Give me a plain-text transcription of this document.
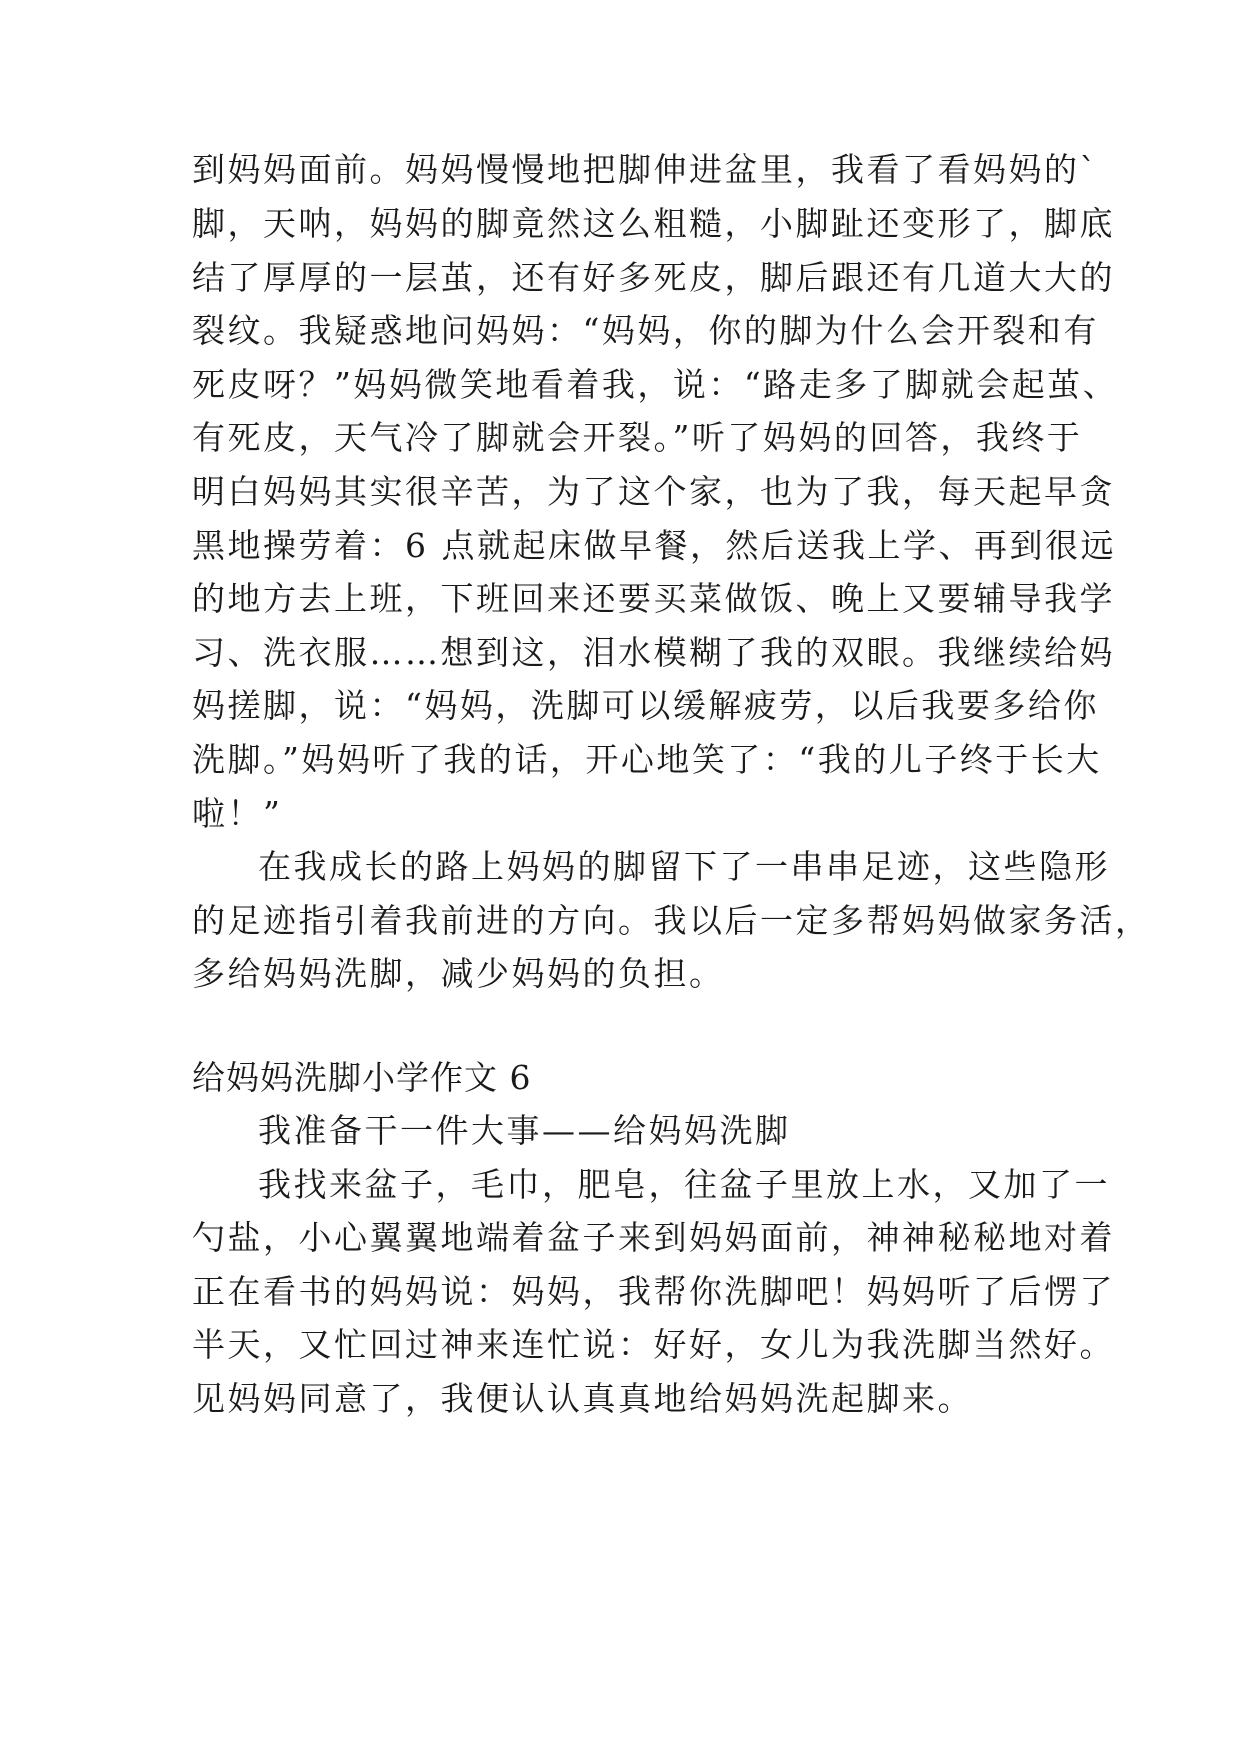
到妈妈面前。妈妈慢慢地把脚伸进盆里，我看了看妈妈的`
脚，天呐，妈妈的脚竟然这么粗糙，小脚趾还变形了，脚底
结了厚厚的一层茧，还有好多死皮，脚后跟还有几道大大的
裂纹。我疑惑地问妈妈：“妈妈，你的脚为什么会开裂和有
死皮呀？”妈妈微笑地看着我，说：“路走多了脚就会起茧、
有死皮，天气冷了脚就会开裂。”听了妈妈的回答，我终于
明白妈妈其实很辛苦，为了这个家，也为了我，每天起早贪
黑地操劳着：6 点就起床做早餐，然后送我上学、再到很远
的地方去上班，下班回来还要买菜做饭、晚上又要辅导我学
习、洗衣服……想到这，泪水模糊了我的双眼。我继续给妈
妈搓脚，说：“妈妈，洗脚可以缓解疲劳，以后我要多给你
洗脚。”妈妈听了我的话，开心地笑了：“我的儿子终于长大
啦！”
在我成长的路上妈妈的脚留下了一串串足迹，这些隐形
的足迹指引着我前进的方向。我以后一定多帮妈妈做家务活，
多给妈妈洗脚，减少妈妈的负担。
给妈妈洗脚小学作文 6
我准备干一件大事——给妈妈洗脚
我找来盆子，毛巾，肥皂，往盆子里放上水，又加了一
勺盐，小心翼翼地端着盆子来到妈妈面前，神神秘秘地对着
正在看书的妈妈说：妈妈，我帮你洗脚吧！妈妈听了后愣了
半天，又忙回过神来连忙说：好好，女儿为我洗脚当然好。
见妈妈同意了，我便认认真真地给妈妈洗起脚来。
